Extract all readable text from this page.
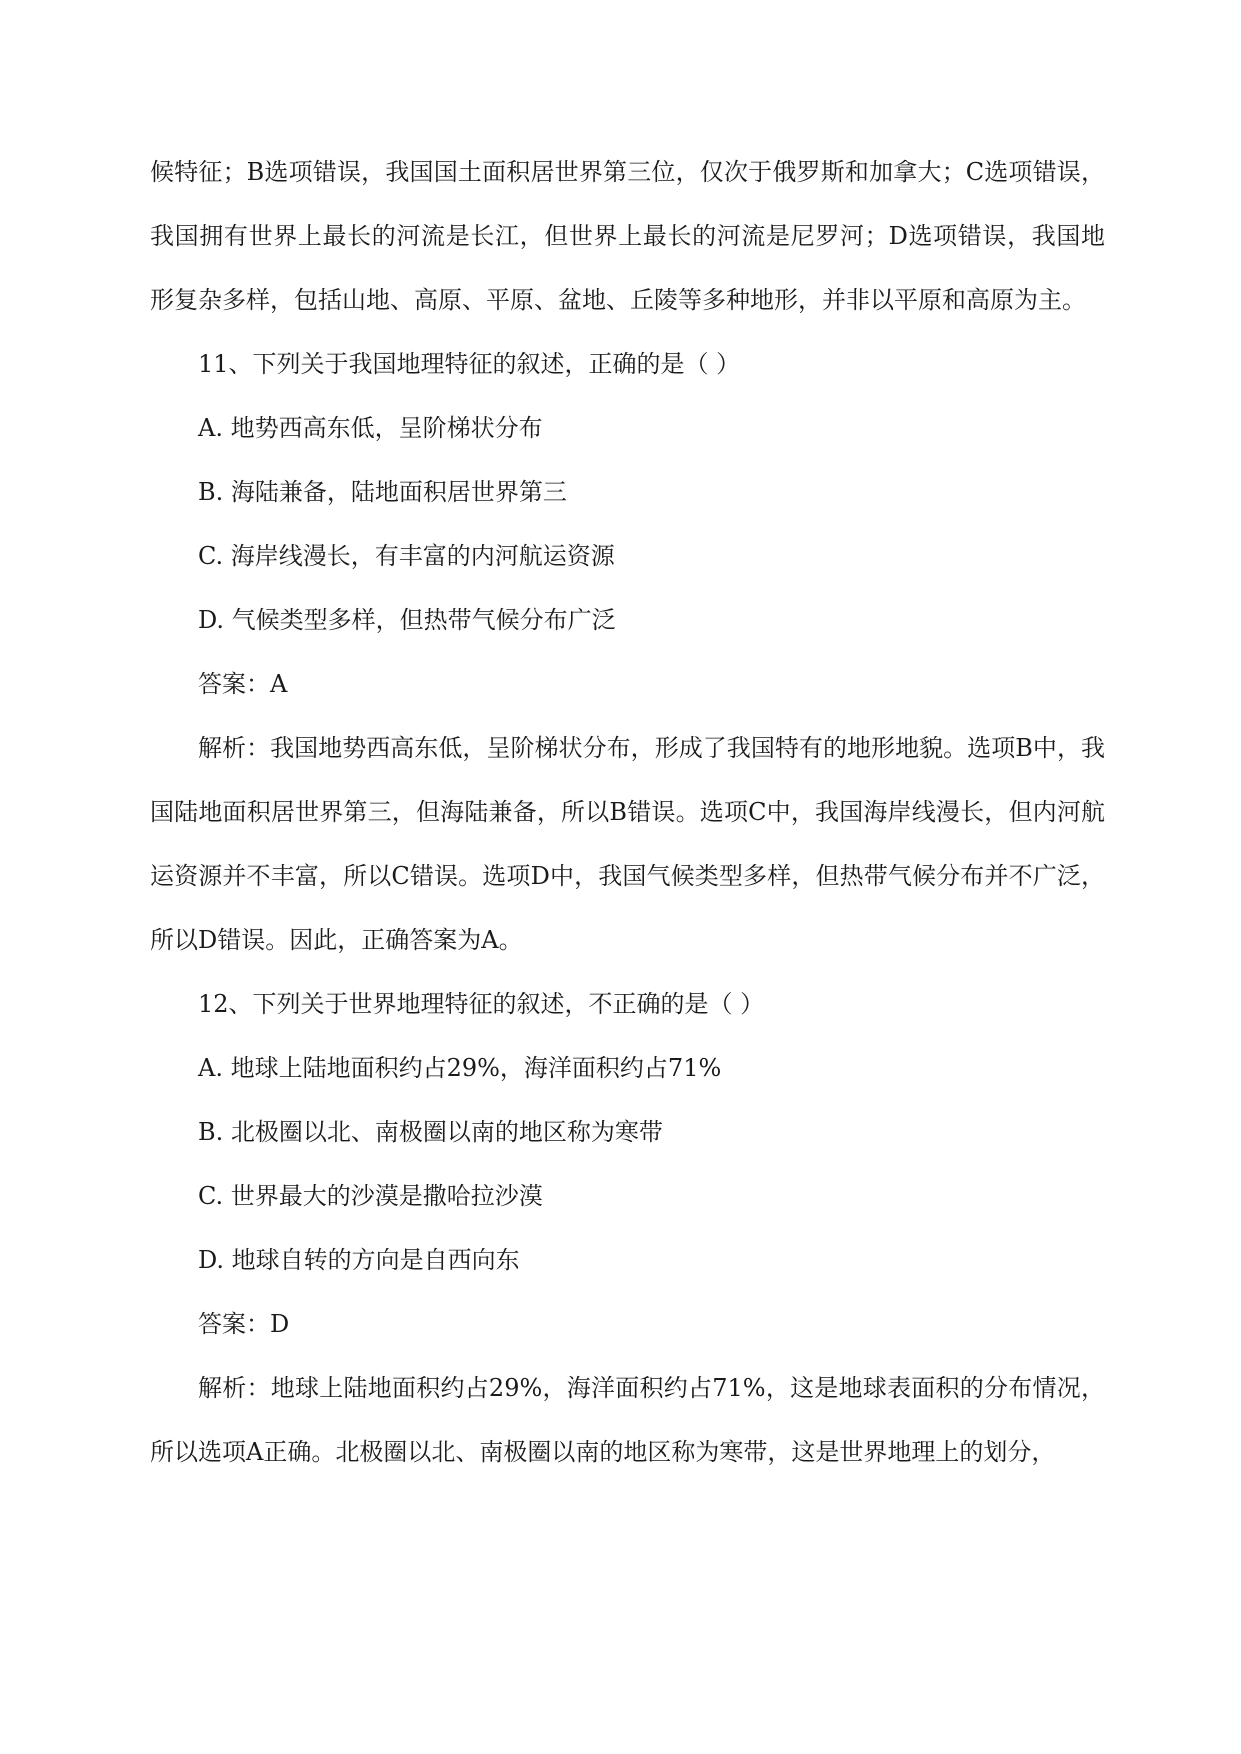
候特征；B选项错误，我国国土面积居世界第三位，仅次于俄罗斯和加拿大；C选项错误，我国拥有世界上最长的河流是长江，但世界上最长的河流是尼罗河；D选项错误，我国地形复杂多样，包括山地、高原、平原、盆地、丘陵等多种地形，并非以平原和高原为主。

11、下列关于我国地理特征的叙述，正确的是（ ）

A. 地势西高东低，呈阶梯状分布

B. 海陆兼备，陆地面积居世界第三

C. 海岸线漫长，有丰富的内河航运资源

D. 气候类型多样，但热带气候分布广泛

答案：A

解析：我国地势西高东低，呈阶梯状分布，形成了我国特有的地形地貌。选项B中，我国陆地面积居世界第三，但海陆兼备，所以B错误。选项C中，我国海岸线漫长，但内河航运资源并不丰富，所以C错误。选项D中，我国气候类型多样，但热带气候分布并不广泛，所以D错误。因此，正确答案为A。

12、下列关于世界地理特征的叙述，不正确的是（ ）

A. 地球上陆地面积约占29%，海洋面积约占71%

B. 北极圈以北、南极圈以南的地区称为寒带

C. 世界最大的沙漠是撒哈拉沙漠

D. 地球自转的方向是自西向东

答案：D

解析：地球上陆地面积约占29%，海洋面积约占71%，这是地球表面积的分布情况，所以选项A正确。北极圈以北、南极圈以南的地区称为寒带，这是世界地理上的划分，
